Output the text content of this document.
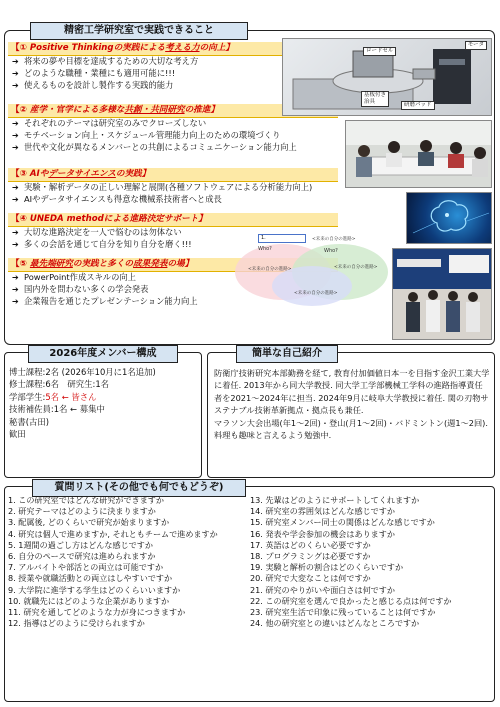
精密工学研究室で実践できること
【① Positive Thinkingの実践による考える力の向上】
➔ 将来の夢や目標を達成するための大切な考え方
➔ どのような職種・業種にも適用可能に!!!
➔ 使えるものを設計し製作する実践的能力
【② 産学・官学による多様な共創・共同研究の推進】
➔ それぞれのテーマは研究室のみでクローズしない
➔ モチベーション向上・スケジュール管理能力向上のための環境づくり
➔ 世代や文化が異なるメンバーとの共創によるコミュニケーション能力向上
【③ AIやデータサイエンスの実践】
➔ 実験・解析データの正しい理解と展開(各種ソフトウェアによる分析能力向上)
➔ AIやデータサイエンスも得意な機械系技術者へと成長
【④ UNEDA methodによる進路決定サポート】
➔ 大切な進路決定を一人で悩むのは勿体ない
➔ 多くの会話を通じて自分を知り自分を磨く!!!
【⑤ 最先端研究の実践と多くの成果発表の場】
➔ PowerPoint作成スキルの向上
➔ 国内外を問わない多くの学会発表
➔ 企業報告を通じたプレゼンテーション能力向上
モータ
ロードセル
基板付き
治具	研磨パッド
1.	<未来の自分の進路>
Who?	Who?
<未来の自分の進路>	<未来の自分の進路>
<未来の自分の進路>
2026年度メンバー構成
博士課程:2名 (2026年10月に1名追加)
修士課程:6名　研究生:1名
学部学生:5名 ← 皆さん
技術補佐員:1名 ← 募集中
秘書(古田)
歓田
簡単な自己紹介

防衛庁技術研究本部勤務を経て, 教育付加価値日本一を目指す金沢工業大学に着任. 2013年から同大学教授. 同大学工学部機械工学科の進路指導責任者を2021～2024年に担当. 2024年9月に岐阜大学教授に着任. 関の刃物サステナブル技術革新拠点・拠点長も兼任.

マラソン大会出場(年1～2回)・登山(月1～2回)・バドミントン(週1～2回). 料理も趣味と言えるよう勉強中.

質問リスト(その他でも何でもどうぞ)
1. この研究室ではどんな研究ができますか
2. 研究テーマはどのように決まりますか
3. 配属後, どのくらいで研究が始まりますか
4. 研究は個人で進めますか, それともチームで進めますか
5. 1週間の過ごし方はどんな感じですか
6. 自分のペースで研究は進められますか
7. アルバイトや部活との両立は可能ですか
8. 授業や就職活動との両立はしやすいですか
9. 大学院に進学する学生はどのくらいいますか
10. 就職先にはどのような企業がありますか
11. 研究を通してどのような力が身につきますか
12. 指導はどのように受けられますか
13. 先輩はどのようにサポートしてくれますか
14. 研究室の雰囲気はどんな感じですか
15. 研究室メンバー同士の関係はどんな感じですか
16. 発表や学会参加の機会はありますか
17. 英語はどのくらい必要ですか
18. プログラミングは必要ですか
19. 実験と解析の割合はどのくらいですか
20. 研究で大変なことは何ですか
21. 研究のやりがいや面白さは何ですか
22. この研究室を選んで良かったと感じる点は何ですか
23. 研究室生活で印象に残っていることは何ですか
24. 他の研究室との違いはどんなところですか
